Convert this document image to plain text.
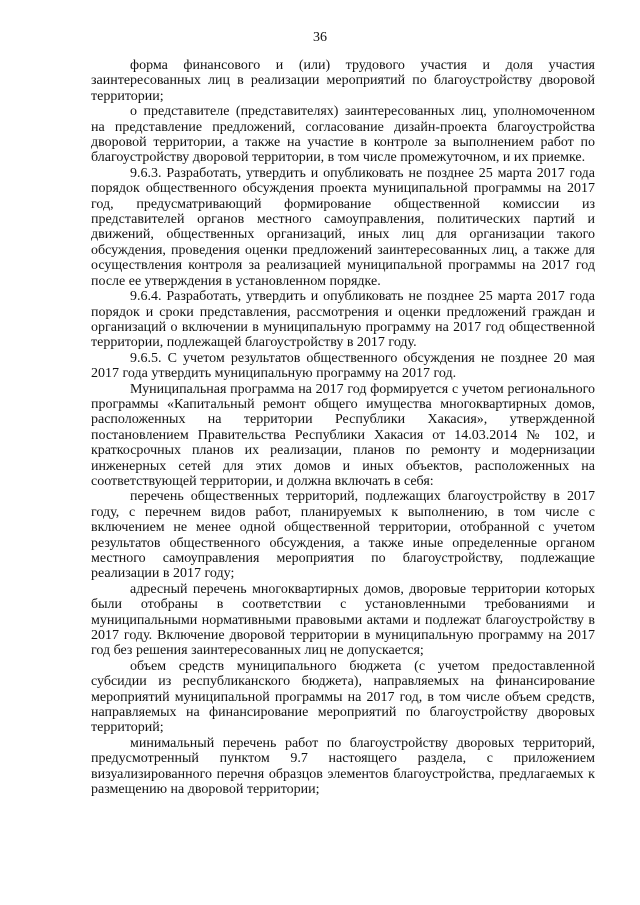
36

форма финансового и (или) трудового участия и доля участия заинтересованных лиц в реализации мероприятий по благоустройству дворовой территории;

о представителе (представителях) заинтересованных лиц, уполномоченном на представление предложений, согласование дизайн-проекта благоустройства дворовой территории, а также на участие в контроле за выполнением работ по благоустройству дворовой территории, в том числе промежуточном, и их приемке.

9.6.3. Разработать, утвердить и опубликовать не позднее 25 марта 2017 года порядок общественного обсуждения проекта муниципальной программы на 2017 год, предусматривающий формирование общественной комиссии из представителей органов местного самоуправления, политических партий и движений, общественных организаций, иных лиц для организации такого обсуждения, проведения оценки предложений заинтересованных лиц, а также для осуществления контроля за реализацией муниципальной программы на 2017 год после ее утверждения в установленном порядке.

9.6.4. Разработать, утвердить и опубликовать не позднее 25 марта 2017 года порядок и сроки представления, рассмотрения и оценки предложений граждан и организаций о включении в муниципальную программу на 2017 год общественной территории, подлежащей благоустройству в 2017 году.

9.6.5. С учетом результатов общественного обсуждения не позднее 20 мая 2017 года утвердить муниципальную программу на 2017 год.

Муниципальная программа на 2017 год формируется с учетом регионального программы «Капитальный ремонт общего имущества многоквартирных домов, расположенных на территории Республики Хакасия», утвержденной постановлением Правительства Республики Хакасия от 14.03.2014 № 102, и краткосрочных планов их реализации, планов по ремонту и модернизации инженерных сетей для этих домов и иных объектов, расположенных на соответствующей территории, и должна включать в себя:

перечень общественных территорий, подлежащих благоустройству в 2017 году, с перечнем видов работ, планируемых к выполнению, в том числе с включением не менее одной общественной территории, отобранной с учетом результатов общественного обсуждения, а также иные определенные органом местного самоуправления мероприятия по благоустройству, подлежащие реализации в 2017 году;

адресный перечень многоквартирных домов, дворовые территории которых были отобраны в соответствии с установленными требованиями и муниципальными нормативными правовыми актами и подлежат благоустройству в 2017 году. Включение дворовой территории в муниципальную программу на 2017 год без решения заинтересованных лиц не допускается;

объем средств муниципального бюджета (с учетом предоставленной субсидии из республиканского бюджета), направляемых на финансирование мероприятий муниципальной программы на 2017 год, в том числе объем средств, направляемых на финансирование мероприятий по благоустройству дворовых территорий;

минимальный перечень работ по благоустройству дворовых территорий, предусмотренный пунктом 9.7 настоящего раздела, с приложением визуализированного перечня образцов элементов благоустройства, предлагаемых к размещению на дворовой территории;
